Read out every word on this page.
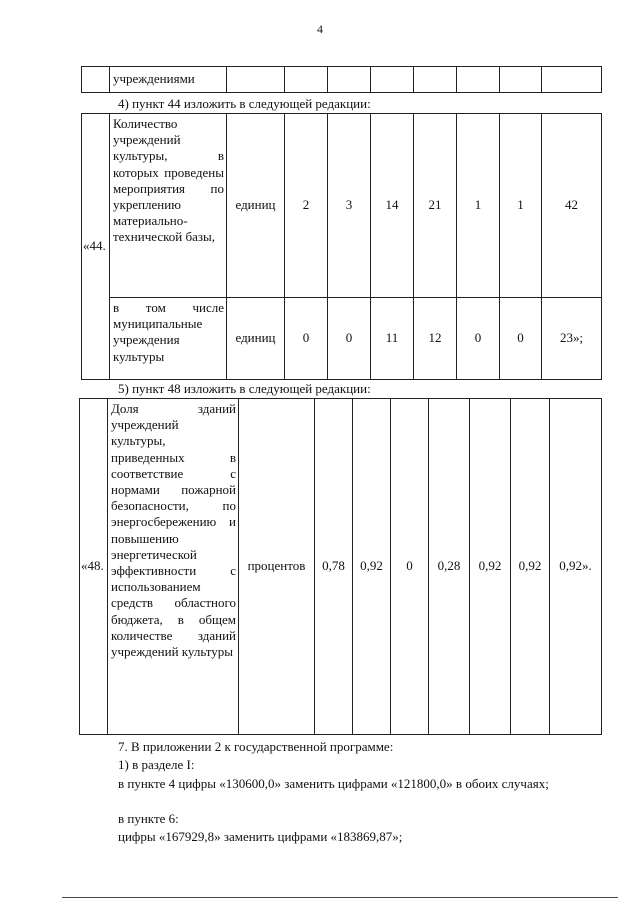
4
	учреждениями								
4) пункт 44 изложить в следующей редакции:
«44.	Количество учреждений культуры, в которых проведены мероприятия по укреплению материально-технической базы,	единиц	2	3	14	21	1	1	42
	в том числе муниципальные учреждения культуры	единиц	0	0	11	12	0	0	23»;
5) пункт 48 изложить в следующей редакции:
«48.	Доля зданий учреждений культуры, приведенных в соответствие с нормами пожарной безопасности, по энергосбережению и повышению энергетической эффективности с использованием средств областного бюджета, в общем количестве зданий учреждений культуры	процентов	0,78	0,92	0	0,28	0,92	0,92	0,92».
7. В приложении 2 к государственной программе:
1) в разделе I:
в пункте 4 цифры «130600,0» заменить цифрами «121800,0» в обоих случаях;
в пункте 6:
цифры «167929,8» заменить цифрами «183869,87»;
